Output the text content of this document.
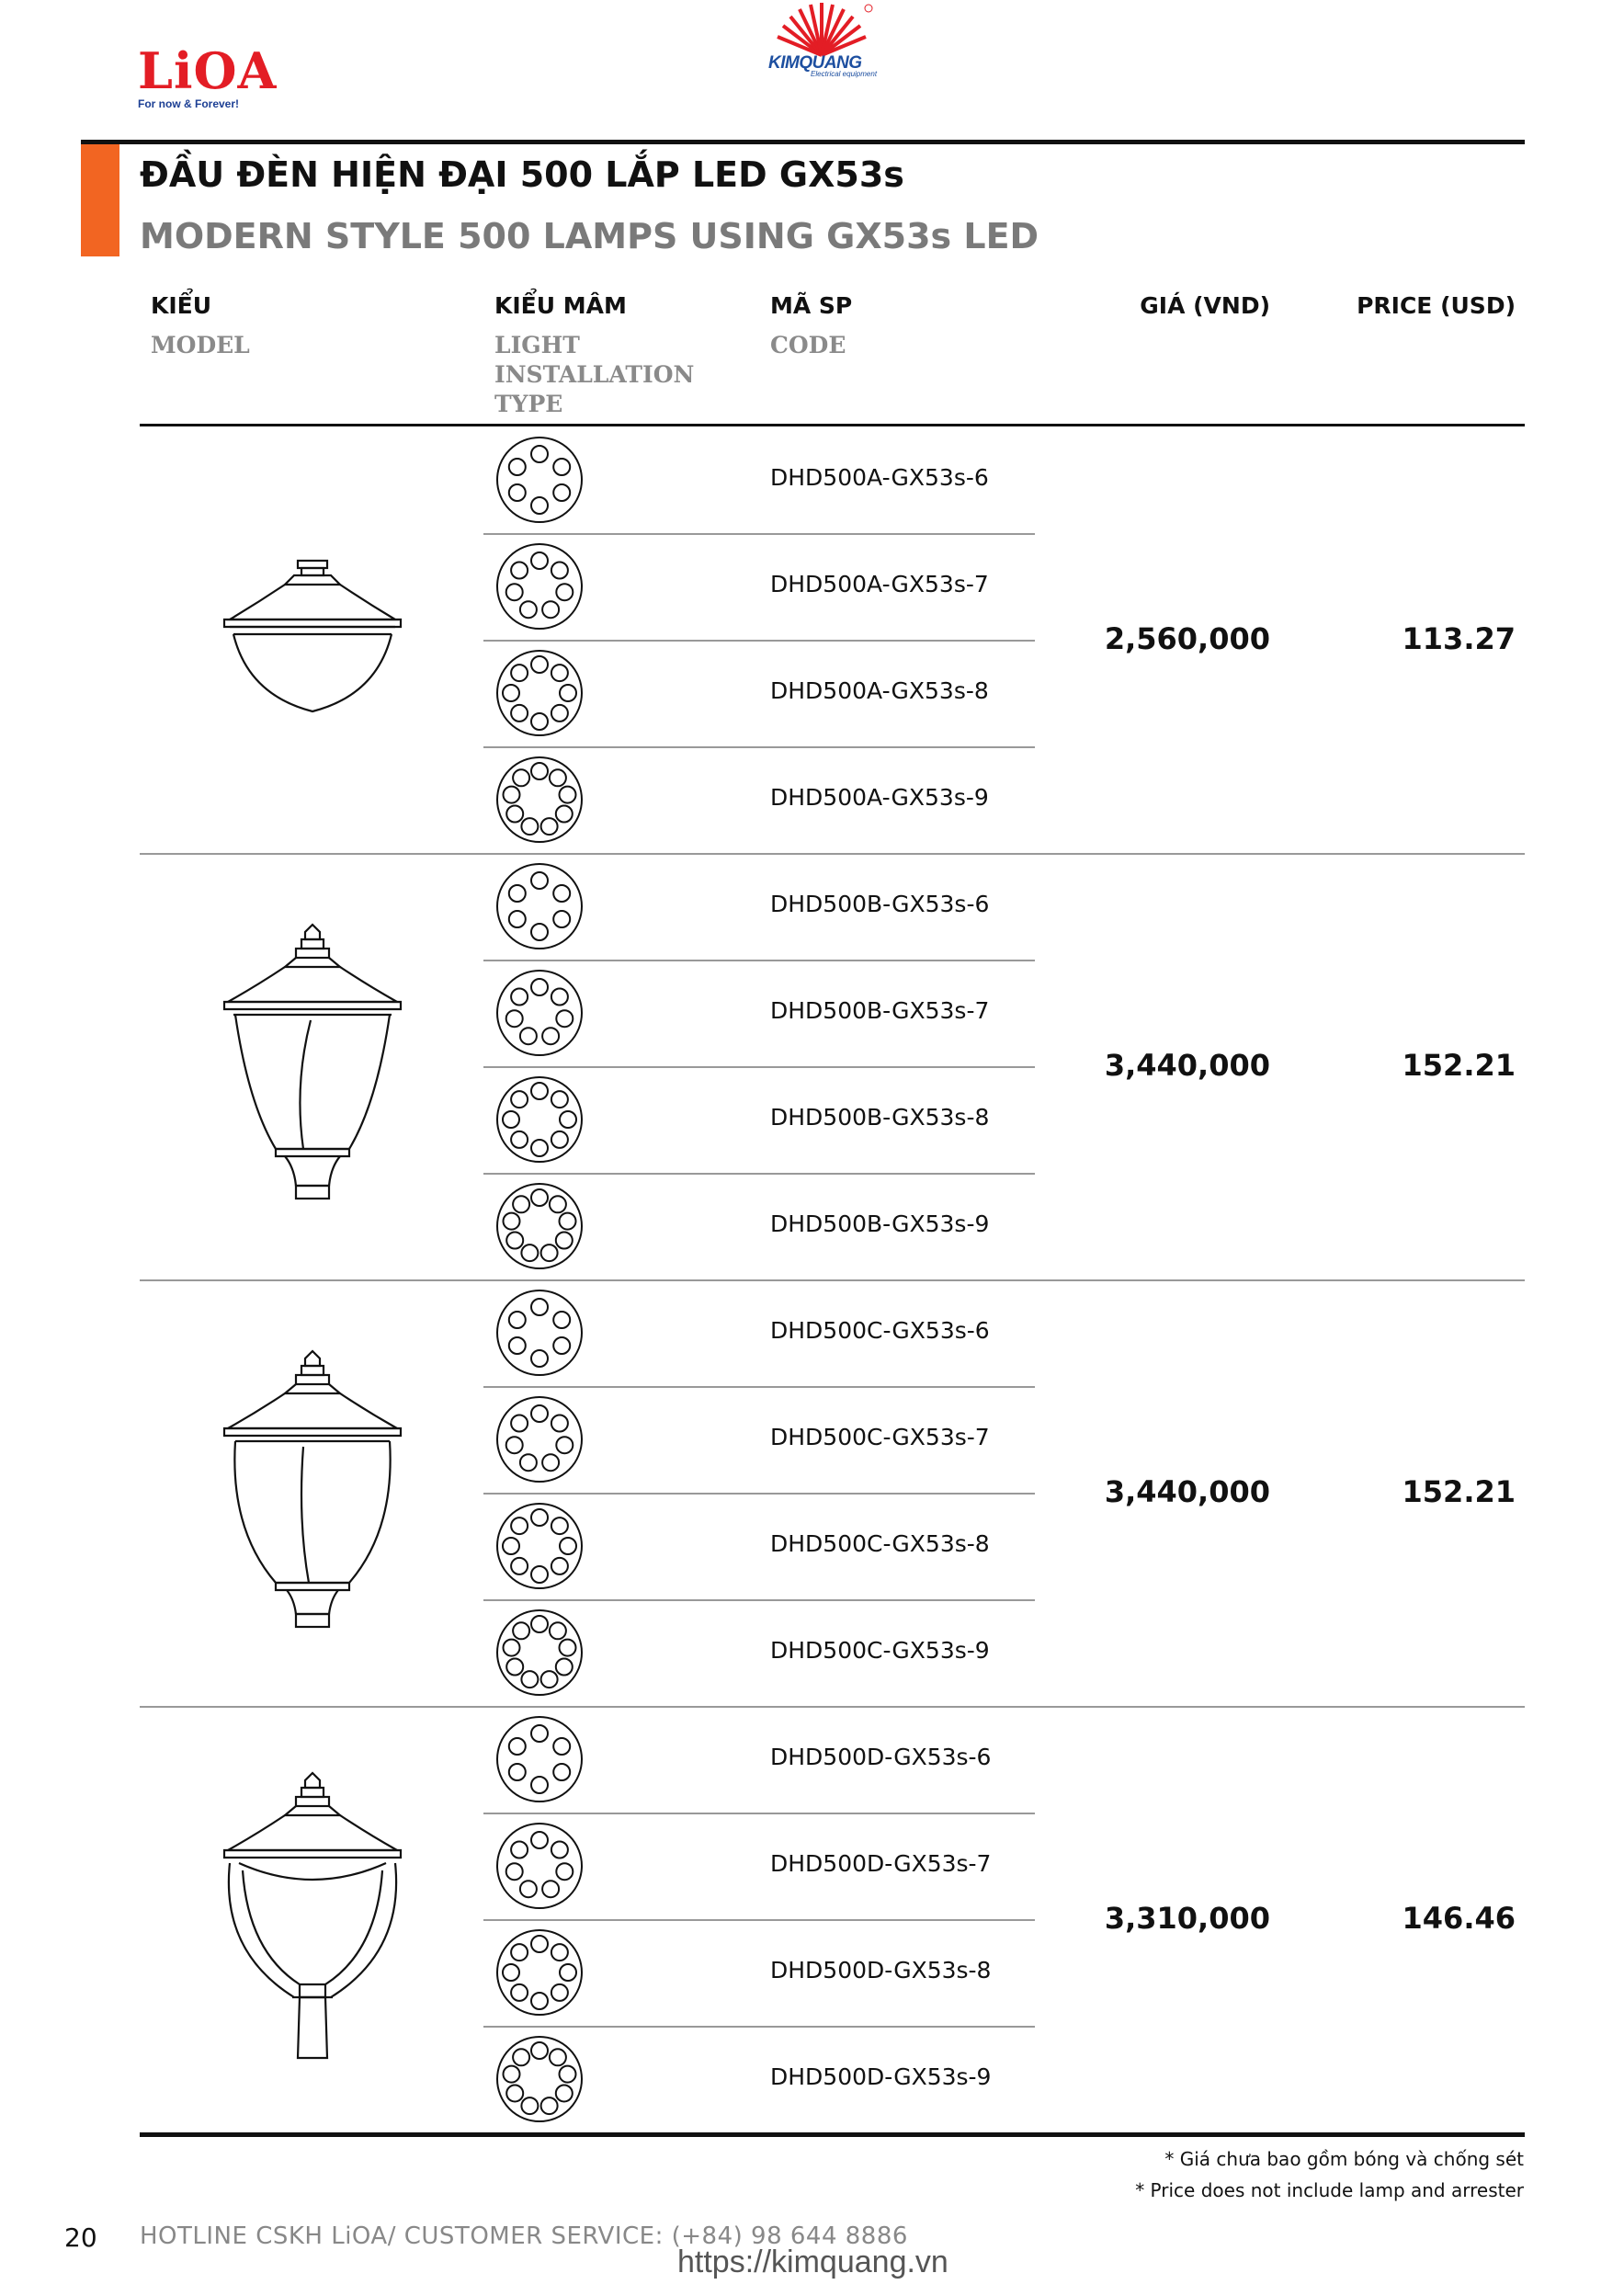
LiOA
For now & Forever!
KIMQUANG
Electrical equipment
ĐẦU ĐÈN HIỆN ĐẠI 500 LẮP LED GX53s
MODERN STYLE 500 LAMPS USING GX53s LED
KIỂU
MODEL
KIỂU MÂM
LIGHT
INSTALLATION
TYPE
MÃ SP
CODE
GIÁ (VND)	PRICE (USD)
DHD500A-GX53s-6
DHD500A-GX53s-7
DHD500A-GX53s-8
DHD500A-GX53s-9
2,560,000	113.27
DHD500B-GX53s-6
DHD500B-GX53s-7
DHD500B-GX53s-8
DHD500B-GX53s-9
3,440,000	152.21
DHD500C-GX53s-6
DHD500C-GX53s-7
DHD500C-GX53s-8
DHD500C-GX53s-9
3,440,000	152.21
DHD500D-GX53s-6
DHD500D-GX53s-7
DHD500D-GX53s-8
DHD500D-GX53s-9
3,310,000	146.46
* Giá chưa bao gồm bóng và chống sét
* Price does not include lamp and arrester
20 HOTLINE CSKH LiOA/ CUSTOMER SERVICE: (+84) 98 644 8886
https://kimquang.vn
